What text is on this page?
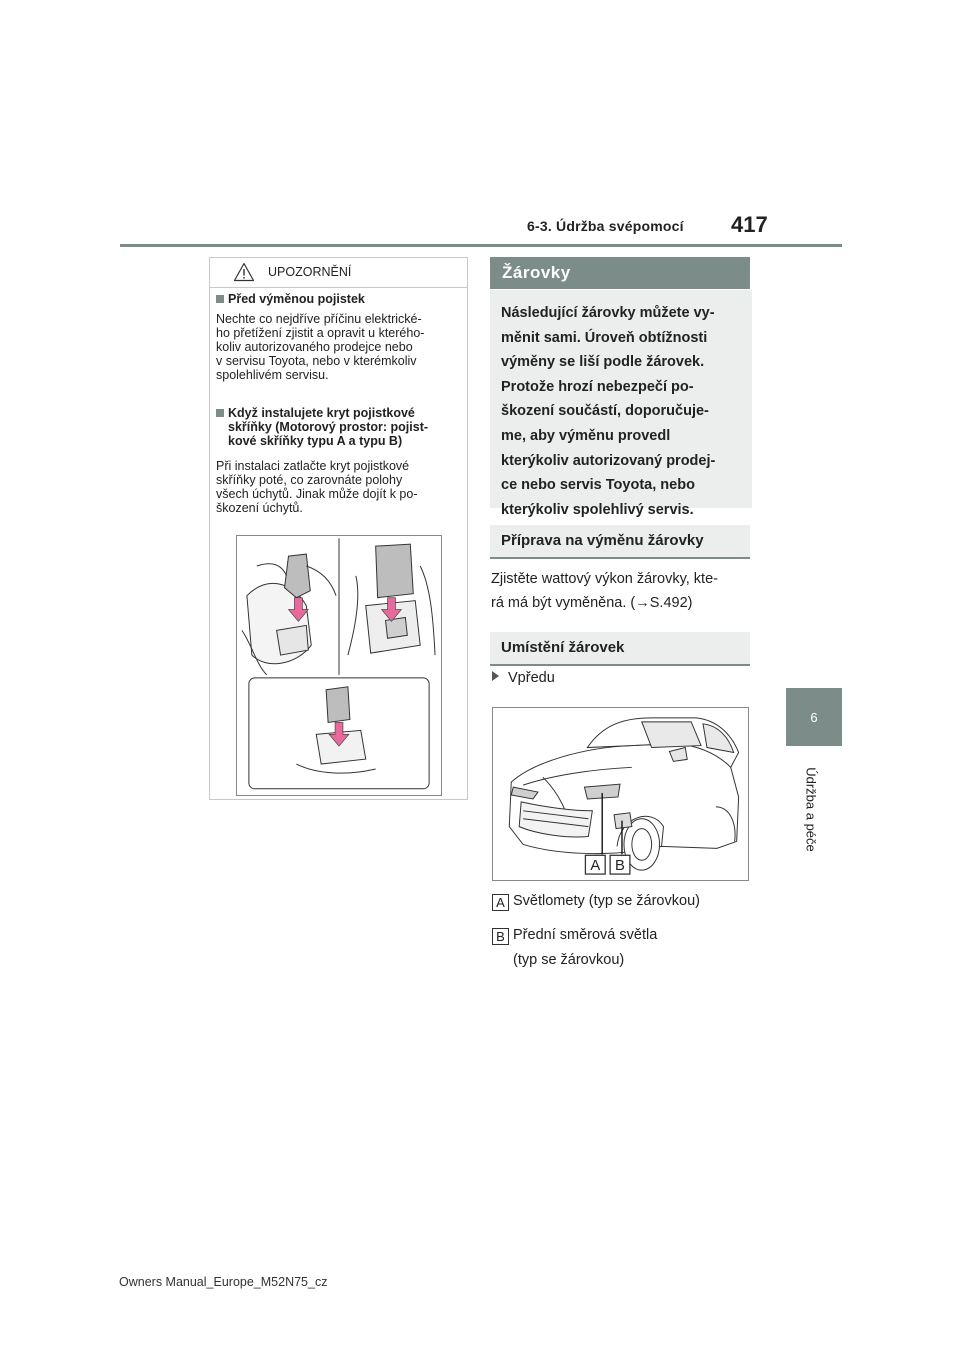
6-3. Údržba svépomocí 417
6
Údržba a péče
UPOZORNĚNÍ
Před výměnou pojistek
Nechte co nejdříve příčinu elektrické-
ho přetížení zjistit a opravit u kterého-
koliv autorizovaného prodejce nebo
v servisu Toyota, nebo v kterémkoliv
spolehlivém servisu.
Když instalujete kryt pojistkové
skříňky (Motorový prostor: pojist-
kové skříňky typu A a typu B)
Při instalaci zatlačte kryt pojistkové
skříňky poté, co zarovnáte polohy
všech úchytů. Jinak může dojít k po-
škození úchytů.
Žárovky
Následující žárovky můžete vy-
měnit sami. Úroveň obtížnosti
výměny se liší podle žárovek.
Protože hrozí nebezpečí po-
škození součástí, doporučuje-
me, aby výměnu provedl
kterýkoliv autorizovaný prodej-
ce nebo servis Toyota, nebo
kterýkoliv spolehlivý servis.
Příprava na výměnu žárovky
Zjistěte wattový výkon žárovky, kte-
rá má být vyměněna. (→S.492)
Umístění žárovek
Vpředu
A B
A Světlomety (typ se žárovkou)
B Přední směrová světla
(typ se žárovkou)
Owners Manual_Europe_M52N75_cz
